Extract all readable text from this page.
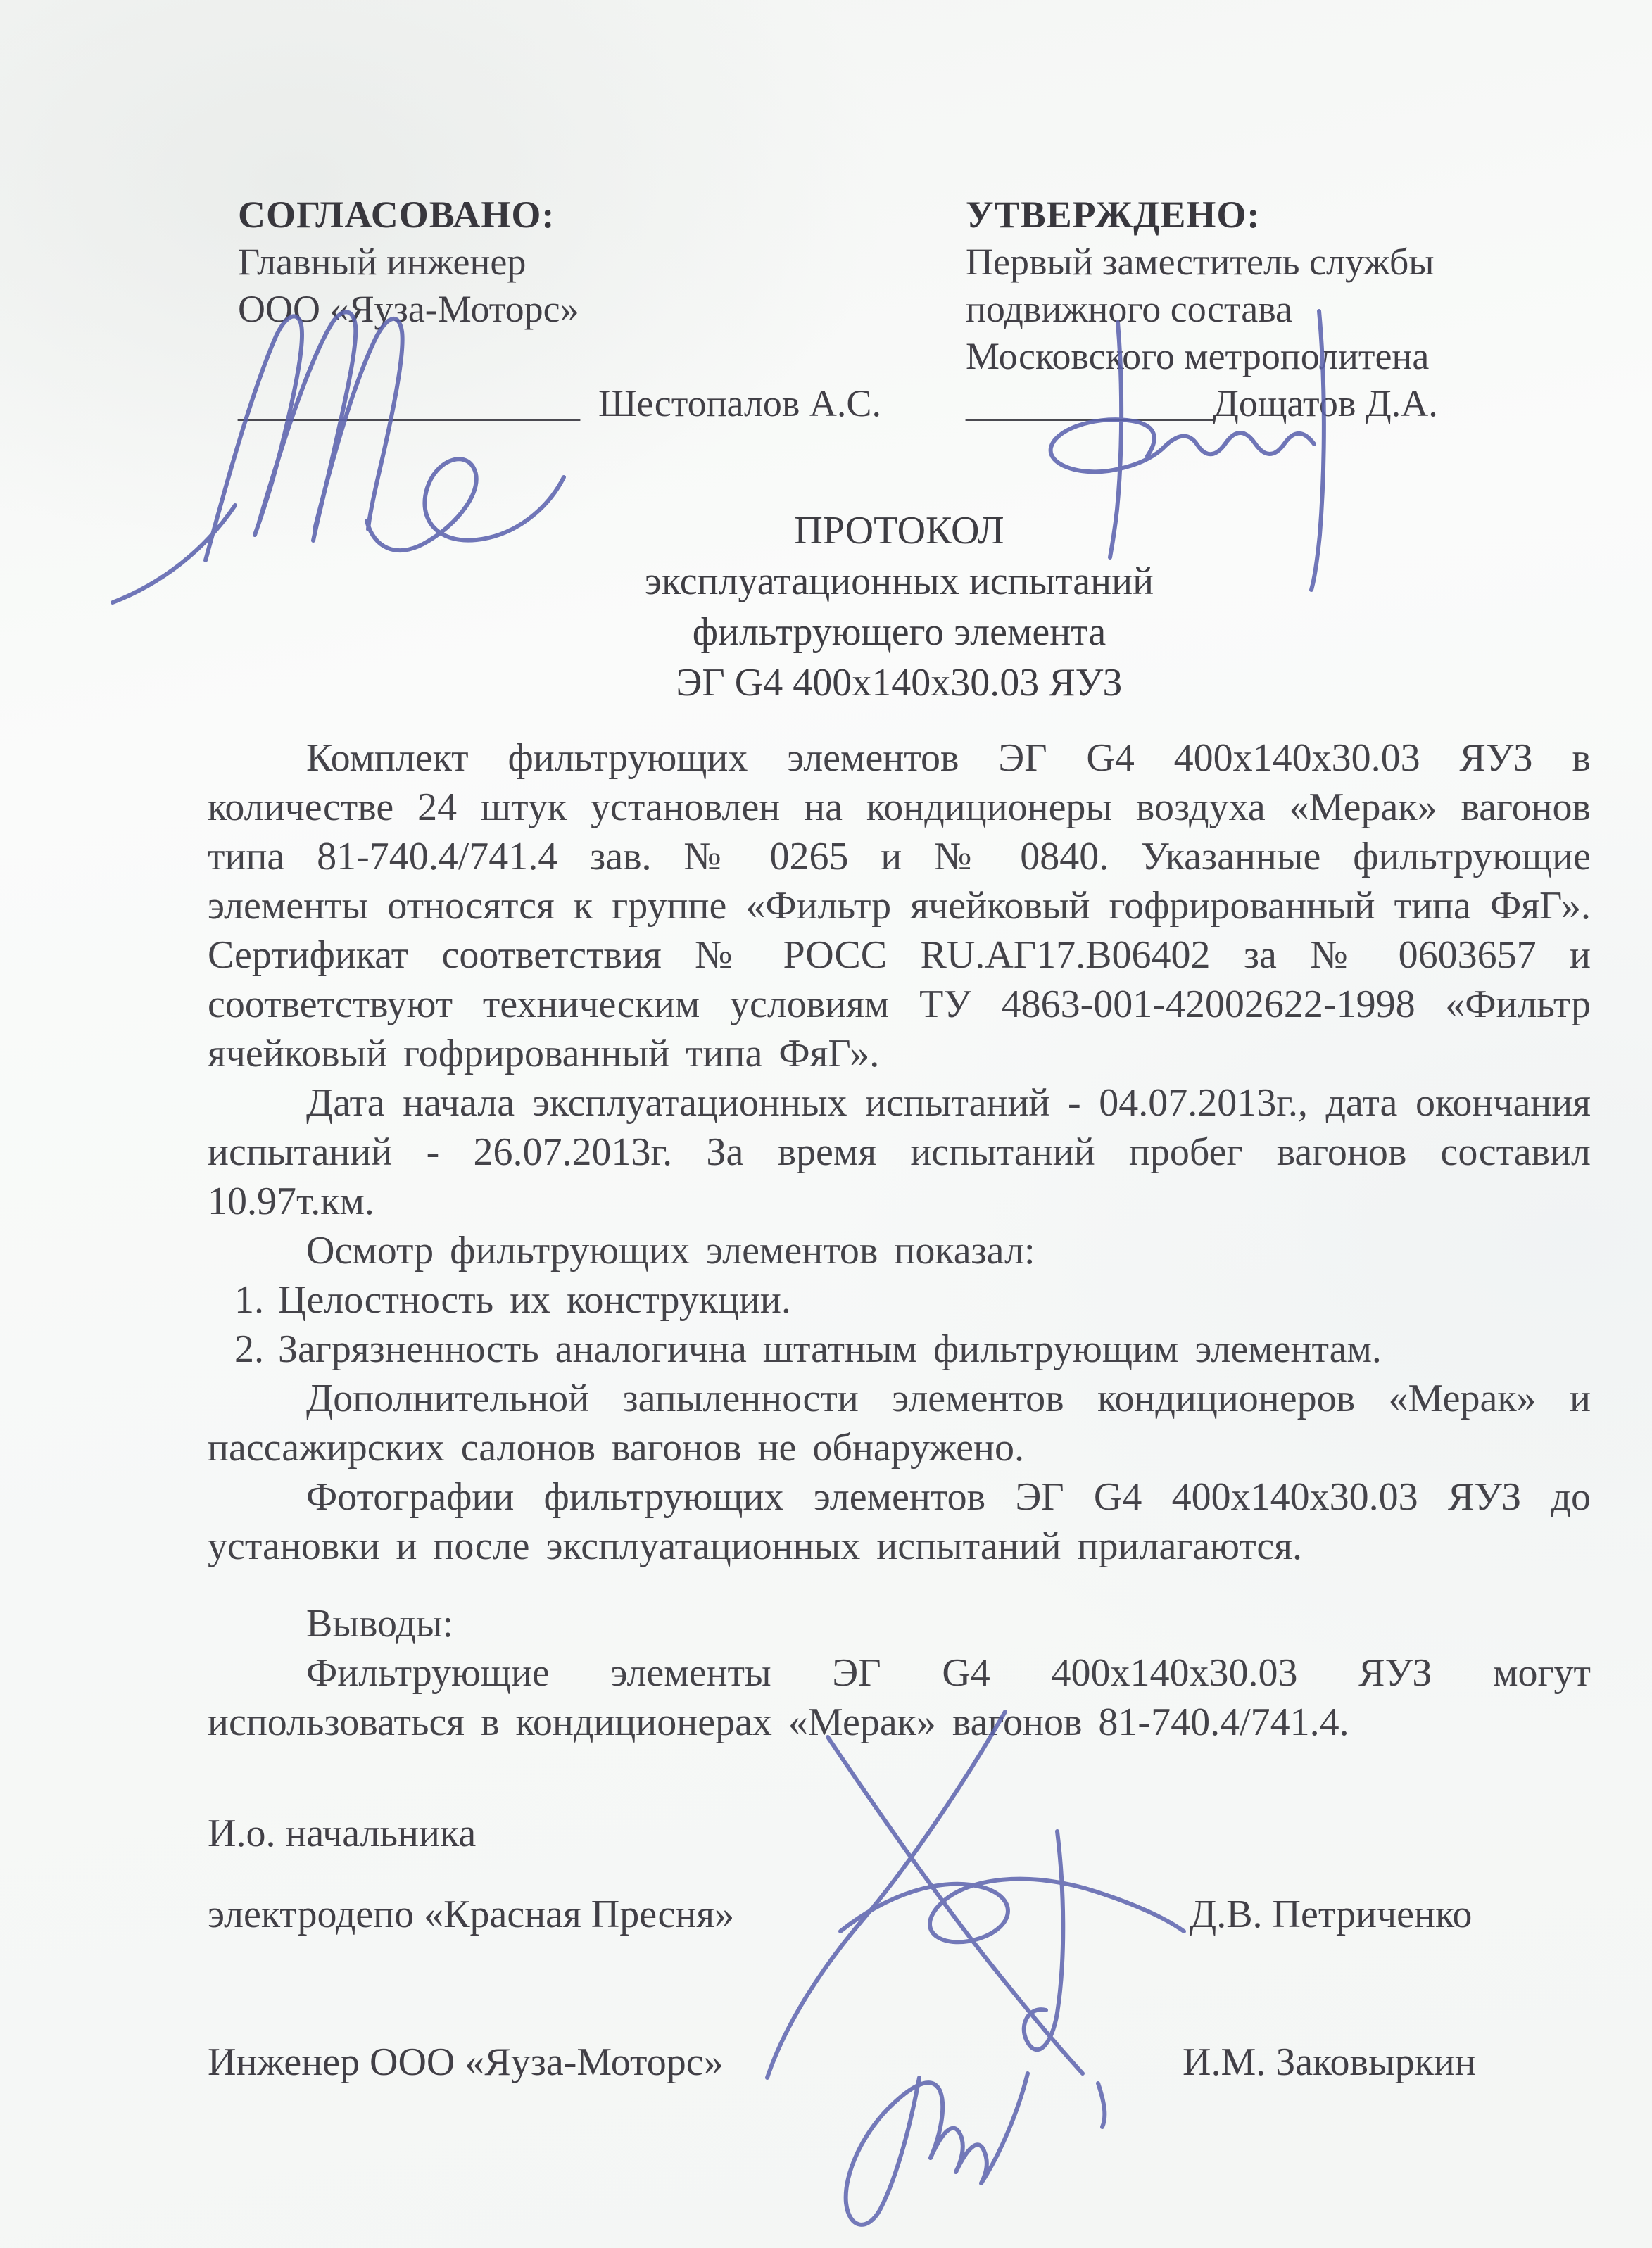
СОГЛАСОВАНО:
Главный инженер
ООО «Яуза-Моторс»
__________________ Шестопалов А.С.
УТВЕРЖДЕНО:
Первый заместитель службы
подвижного состава
Московского метрополитена
_____________Дощатов Д.А.
ПРОТОКОЛ
эксплуатационных испытаний
фильтрующего элемента
ЭГ G4 400x140x30.03 ЯУЗ

Комплект фильтрующих элементов ЭГ G4 400x140x30.03 ЯУЗ в количестве 24 штук установлен на кондиционеры воздуха «Мерак» вагонов типа 81-740.4/741.4 зав. № 0265 и № 0840. Указанные фильтрующие элементы относятся к группе «Фильтр ячейковый гофрированный типа ФяГ». Сертификат соответствия № РОСС RU.АГ17.В06402 за № 0603657 и соответствуют техническим условиям ТУ 4863-001-42002622-1998 «Фильтр ячейковый гофрированный типа ФяГ».

Дата начала эксплуатационных испытаний - 04.07.2013г., дата окончания испытаний - 26.07.2013г. За время испытаний пробег вагонов составил 10.97т.км.

Осмотр фильтрующих элементов показал:

1. Целостность их конструкции.
2. Загрязненность аналогична штатным фильтрующим элементам.

Дополнительной запыленности элементов кондиционеров «Мерак» и пассажирских салонов вагонов не обнаружено.

Фотографии фильтрующих элементов ЭГ G4 400x140x30.03 ЯУЗ до установки и после эксплуатационных испытаний прилагаются.

Выводы:

Фильтрующие элементы ЭГ G4 400x140x30.03 ЯУЗ могут использоваться в кондиционерах «Мерак» вагонов 81-740.4/741.4.

И.о. начальника
электродепо «Красная Пресня»	Д.В. Петриченко
Инженер ООО «Яуза-Моторс»	И.М. Заковыркин
